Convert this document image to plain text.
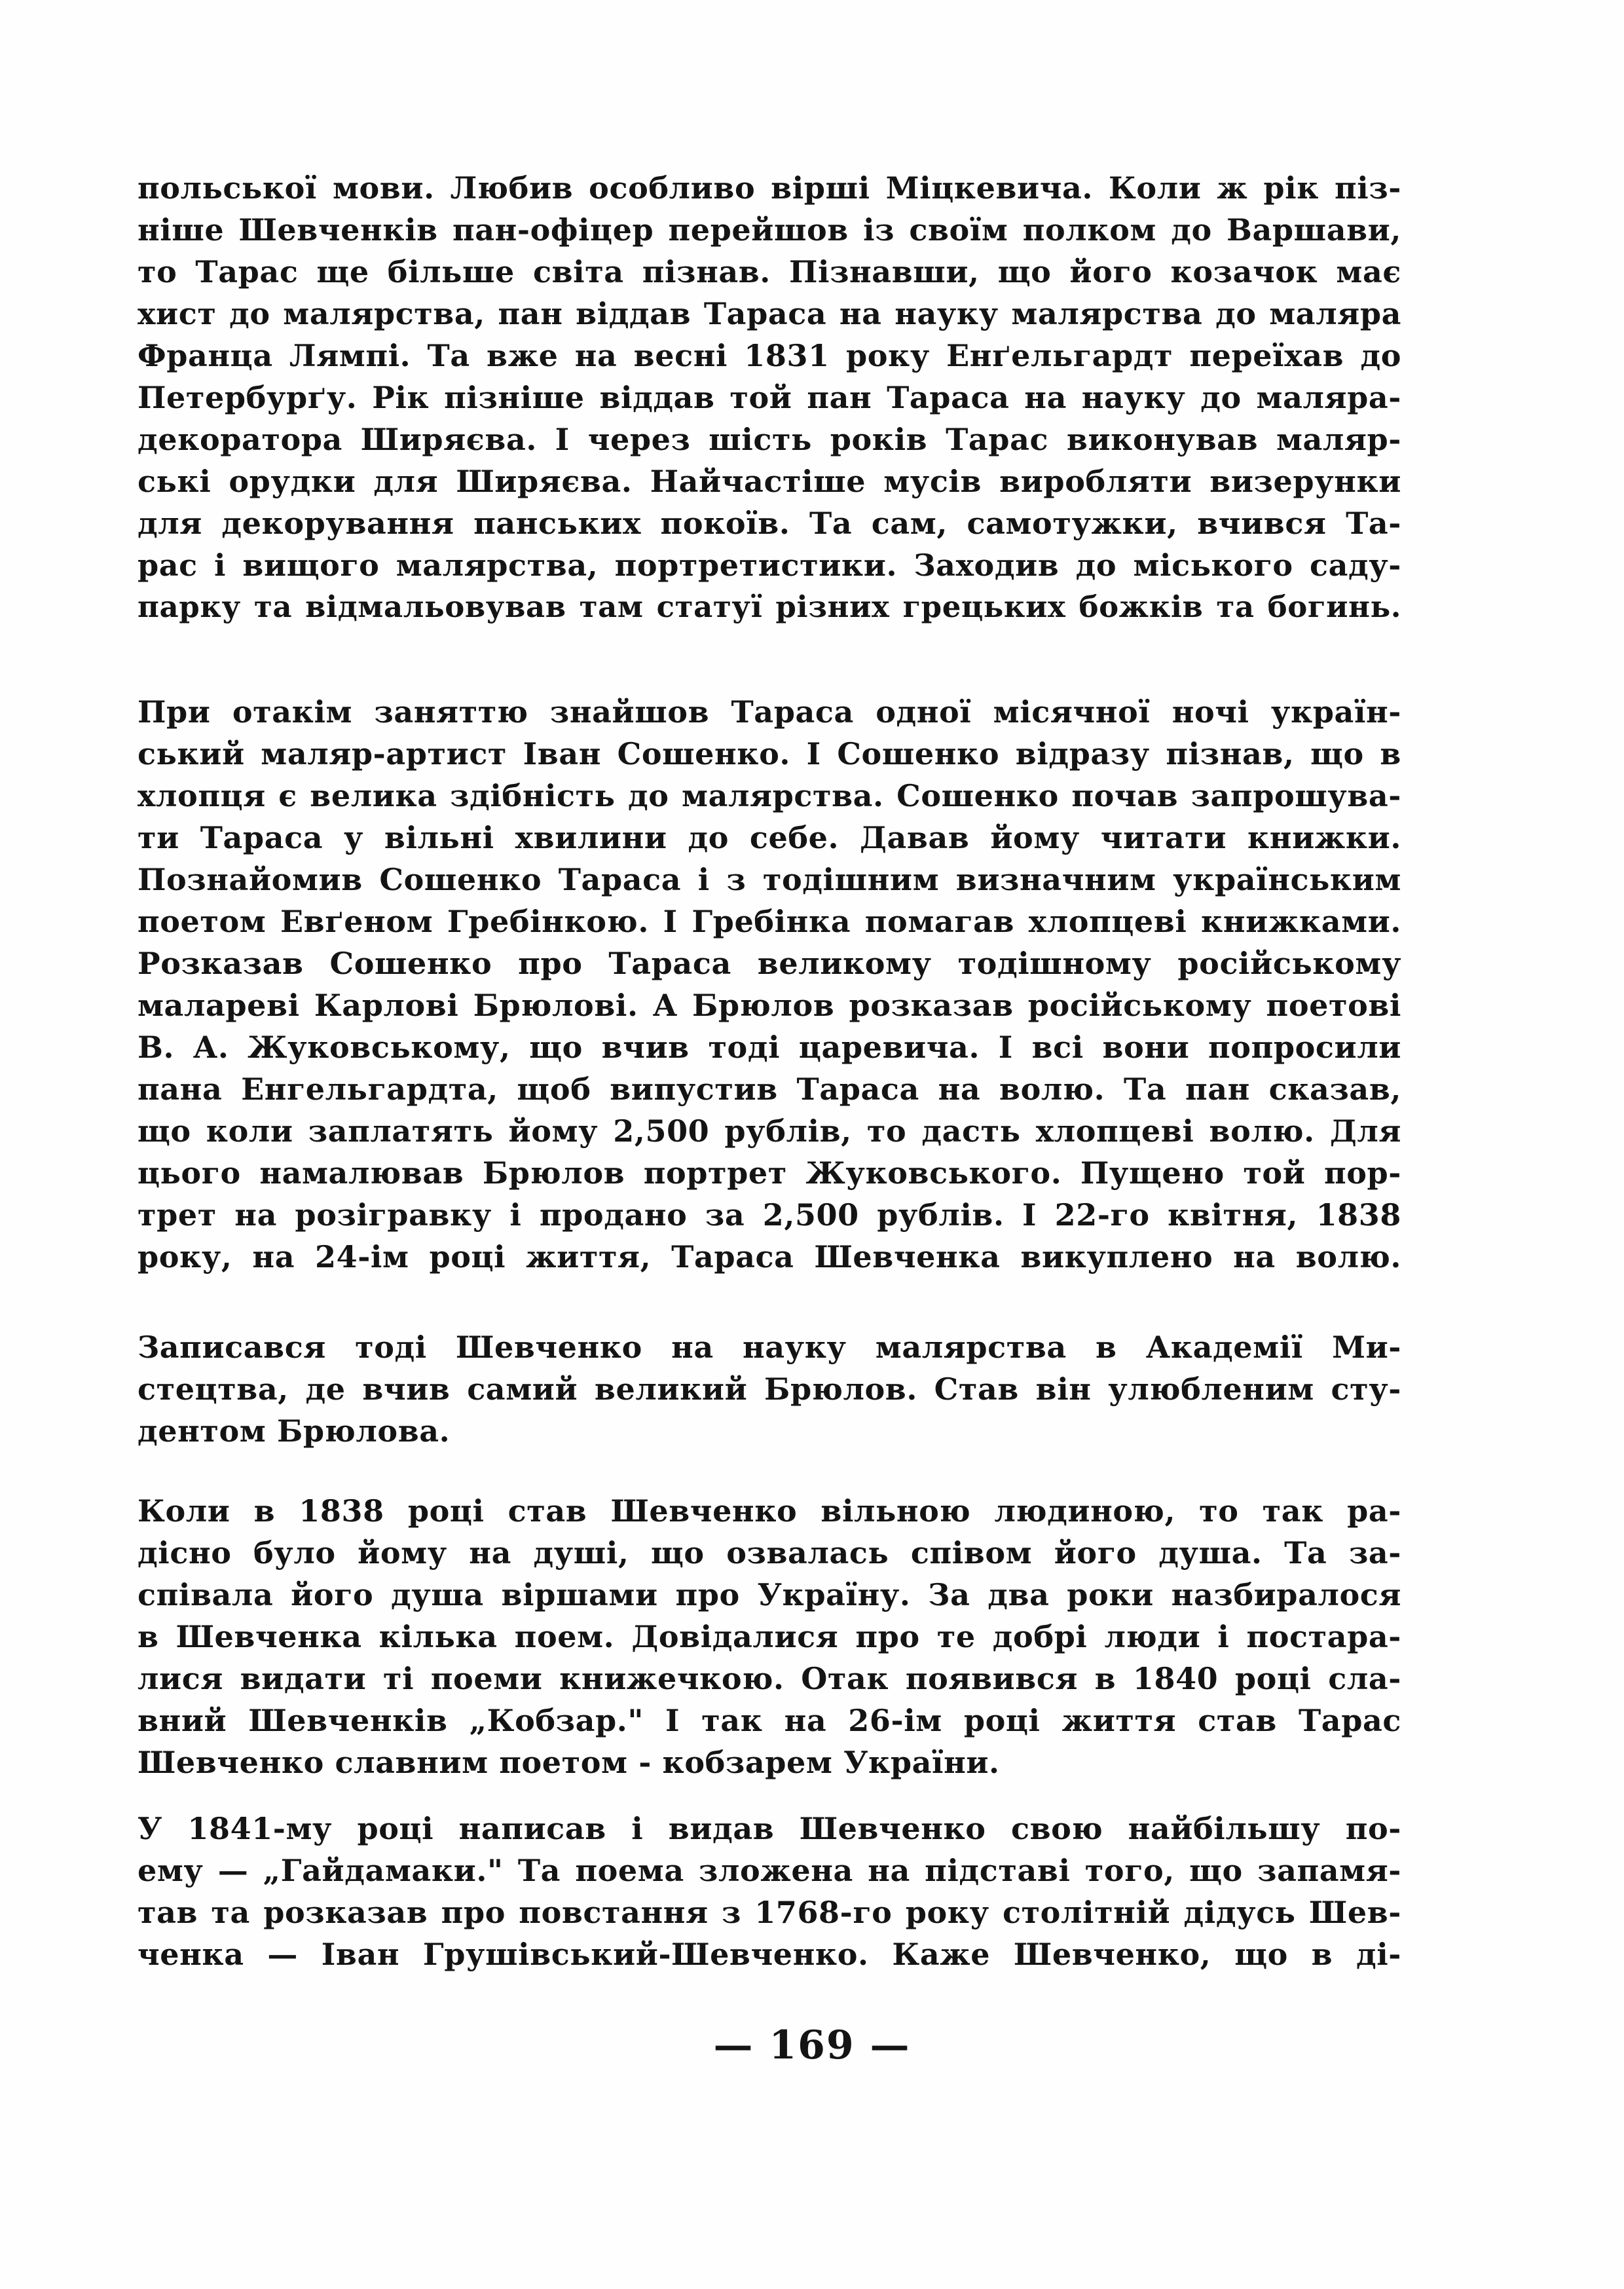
польської мови. Любив особливо вірші Міцкевича. Коли ж рік піз-
ніше Шевченків пан-офіцер перейшов із своїм полком до Варшави,
то Тарас ще більше світа пізнав. Пізнавши, що його козачок має
хист до малярства, пан віддав Тараса на науку малярства до маляра
Франца Лямпі. Та вже на весні 1831 року Енґельгардт переїхав до
Петербурґу. Рік пізніше віддав той пан Тараса на науку до маляра-
декоратора Ширяєва. І через шість років Тарас виконував маляр-
ські орудки для Ширяєва. Найчастіше мусів виробляти визерунки
для декорування панських покоїв. Та сам, самотужки, вчився Та-
рас і вищого малярства, портретистики. Заходив до міського саду-
парку та відмальовував там статуї різних грецьких божків та богинь.
При отакім заняттю знайшов Тараса одної місячної ночі україн-
ський маляр-артист Іван Сошенко. І Сошенко відразу пізнав, що в
хлопця є велика здібність до малярства. Сошенко почав запрошува-
ти Тараса у вільні хвилини до себе. Давав йому читати книжки.
Познайомив Сошенко Тараса і з тодішним визначним українським
поетом Евґеном Гребінкою. І Гребінка помагав хлопцеві книжками.
Розказав Сошенко про Тараса великому тодішному російському
малареві Карлові Брюлові. А Брюлов розказав російському поетові
В. А. Жуковському, що вчив тоді царевича. І всі вони попросили
пана Енгельгардта, щоб випустив Тараса на волю. Та пан сказав,
що коли заплатять йому 2,500 рублів, то дасть хлопцеві волю. Для
цього намалював Брюлов портрет Жуковського. Пущено той пор-
трет на розігравку і продано за 2,500 рублів. І 22-го квітня, 1838
року, на 24-ім році життя, Тараса Шевченка викуплено на волю.
Записався тоді Шевченко на науку малярства в Академії Ми-
стецтва, де вчив самий великий Брюлов. Став він улюбленим сту-
дентом Брюлова.
Коли в 1838 році став Шевченко вільною людиною, то так ра-
дісно було йому на душі, що озвалась співом його душа. Та за-
співала його душа віршами про Україну. За два роки назбиралося
в Шевченка кілька поем. Довідалися про те добрі люди і постара-
лися видати ті поеми книжечкою. Отак появився в 1840 році сла-
вний Шевченків „Кобзар." І так на 26-ім році життя став Тарас
Шевченко славним поетом - кобзарем України.
У 1841-му році написав і видав Шевченко свою найбільшу по-
ему — „Гайдамаки." Та поема зложена на підставі того, що запамя-
тав та розказав про повстання з 1768-го року столітній дідусь Шев-
ченка — Іван Грушівський-Шевченко. Каже Шевченко, що в ді-
— 169 —
